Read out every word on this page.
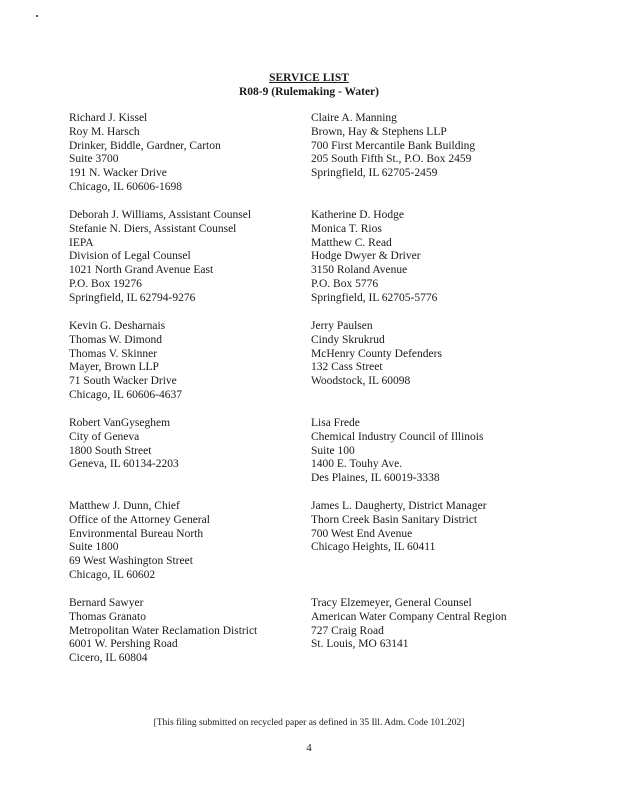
SERVICE LIST
R08-9 (Rulemaking - Water)
Richard J. Kissel
Roy M. Harsch
Drinker, Biddle, Gardner, Carton
Suite 3700
191 N. Wacker Drive
Chicago, IL 60606-1698
Claire A. Manning
Brown, Hay & Stephens LLP
700 First Mercantile Bank Building
205 South Fifth St., P.O. Box 2459
Springfield, IL 62705-2459
Deborah J. Williams, Assistant Counsel
Stefanie N. Diers, Assistant Counsel
IEPA
Division of Legal Counsel
1021 North Grand Avenue East
P.O. Box 19276
Springfield, IL 62794-9276
Katherine D. Hodge
Monica T. Rios
Matthew C. Read
Hodge Dwyer & Driver
3150 Roland Avenue
P.O. Box 5776
Springfield, IL 62705-5776
Kevin G. Desharnais
Thomas W. Dimond
Thomas V. Skinner
Mayer, Brown LLP
71 South Wacker Drive
Chicago, IL 60606-4637
Jerry Paulsen
Cindy Skrukrud
McHenry County Defenders
132 Cass Street
Woodstock, IL 60098
Robert VanGyseghem
City of Geneva
1800 South Street
Geneva, IL 60134-2203
Lisa Frede
Chemical Industry Council of Illinois
Suite 100
1400 E. Touhy Ave.
Des Plaines, IL 60019-3338
Matthew J. Dunn, Chief
Office of the Attorney General
Environmental Bureau North
Suite 1800
69 West Washington Street
Chicago, IL 60602
James L. Daugherty, District Manager
Thorn Creek Basin Sanitary District
700 West End Avenue
Chicago Heights, IL 60411
Bernard Sawyer
Thomas Granato
Metropolitan Water Reclamation District
6001 W. Pershing Road
Cicero, IL 60804
Tracy Elzemeyer, General Counsel
American Water Company Central Region
727 Craig Road
St. Louis, MO 63141
[This filing submitted on recycled paper as defined in 35 Ill. Adm. Code 101.202]
4
